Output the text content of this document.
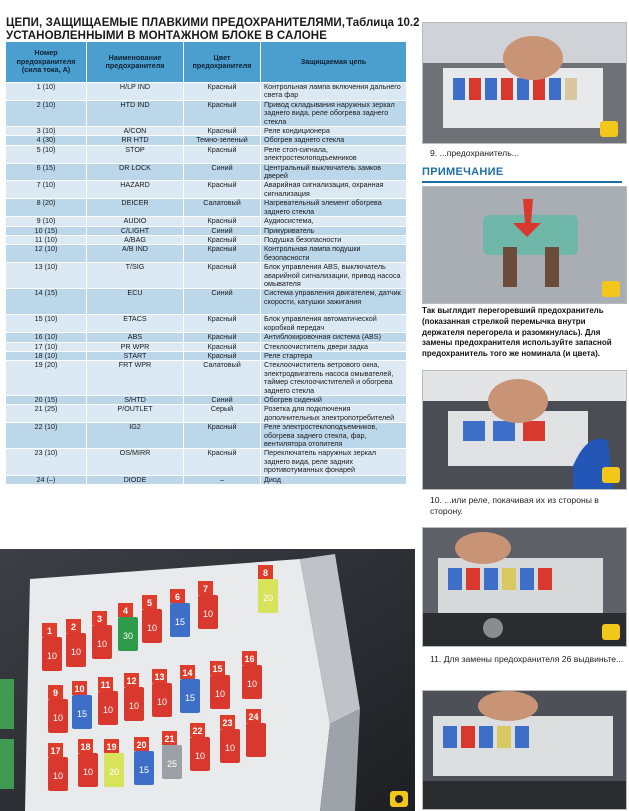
ЦЕПИ, ЗАЩИЩАЕМЫЕ ПЛАВКИМИ ПРЕДОХРАНИТЕЛЯМИ,
УСТАНОВЛЕННЫМИ В МОНТАЖНОМ БЛОКЕ В САЛОНЕ
Таблица 10.2
Номер предохранителя (сила тока, А)	Наименование предохранителя	Цвет предохранителя	Защищаемая цепь
1 (10)	H/LP IND	Красный	Контрольная лампа включения дальнего света фар
2 (10)	HTD IND	Красный	Привод складывания наружных зеркал заднего вида, реле обогрева заднего стекла
3 (10)	A/CON	Красный	Реле кондиционера
4 (30)	RR HTD	Темно-зеленый	Обогрев заднего стекла
5 (10)	STOP	Красный	Реле стоп-сигнала, электростеклоподъемников
6 (15)	DR LOCK	Синий	Центральный выключатель замков дверей
7 (10)	HAZARD	Красный	Аварийная сигнализация, охранная сигнализация
8 (20)	DEICER	Салатовый	Нагревательный элемент обогрева заднего стекла
9 (10)	AUDIO	Красный	Аудиосистема,
10 (15)	C/LIGHT	Синий	Прикуриватель
11 (10)	A/BAG	Красный	Подушка безопасности
12 (10)	A/B IND	Красный	Контрольная лампа подушки безопасности
13 (10)	T/SIG	Красный	Блок управления ABS, выключатель аварийной сигнализации, привод насоса омывателя
14 (15)	ECU	Синий	Система управления двигателем, датчик скорости, катушки зажигания
15 (10)	ETACS	Красный	Блок управления автоматической коробкой передач
16 (10)	ABS	Красный	Антиблокировочная система (ABS)
17 (10)	PR WPR	Красный	Стеклоочиститель двери задка
18 (10)	START	Красный	Реле стартера
19 (20)	FRT WPR	Салатовый	Стеклоочиститель ветрового окна, электродвигатель насоса омывателей, таймер стеклоочистителей и обогрева заднего стекла
20 (15)	S/HTD	Синий	Обогрев сидений
21 (25)	P/OUTLET	Серый	Розетка для подключения дополнительных электропотребителей
22 (10)	IG2	Красный	Реле электростеклоподъемников, обогрева заднего стекла, фар, вентилятора отопителя
23 (10)	OS/MIRR	Красный	Переключатель наружных зеркал заднего вида, реле задних противотуманных фонарей
24 (–)	DIODE	–	Диод
10
1
10
2
10
3
30
4
10
5
15
6
10
7
20
8
10
9
15
10
10
11
10
12
10
13
15
14
10
15
10
16
10
17
10
18
20
19
15
20
25
21
10
22
10
23
24
9. ...предохранитель...
ПРИМЕЧАНИЕ
Так выглядит перегоревший предохранитель (показанная стрелкой перемычка внутри держателя перегорела и разомкнулась). Для замены предохранителя используйте запасной предохранитель того же номинала (и цвета).
10. ...или реле, покачивая их из стороны в сторону.
11. Для замены предохранителя 26 выдвиньте...
